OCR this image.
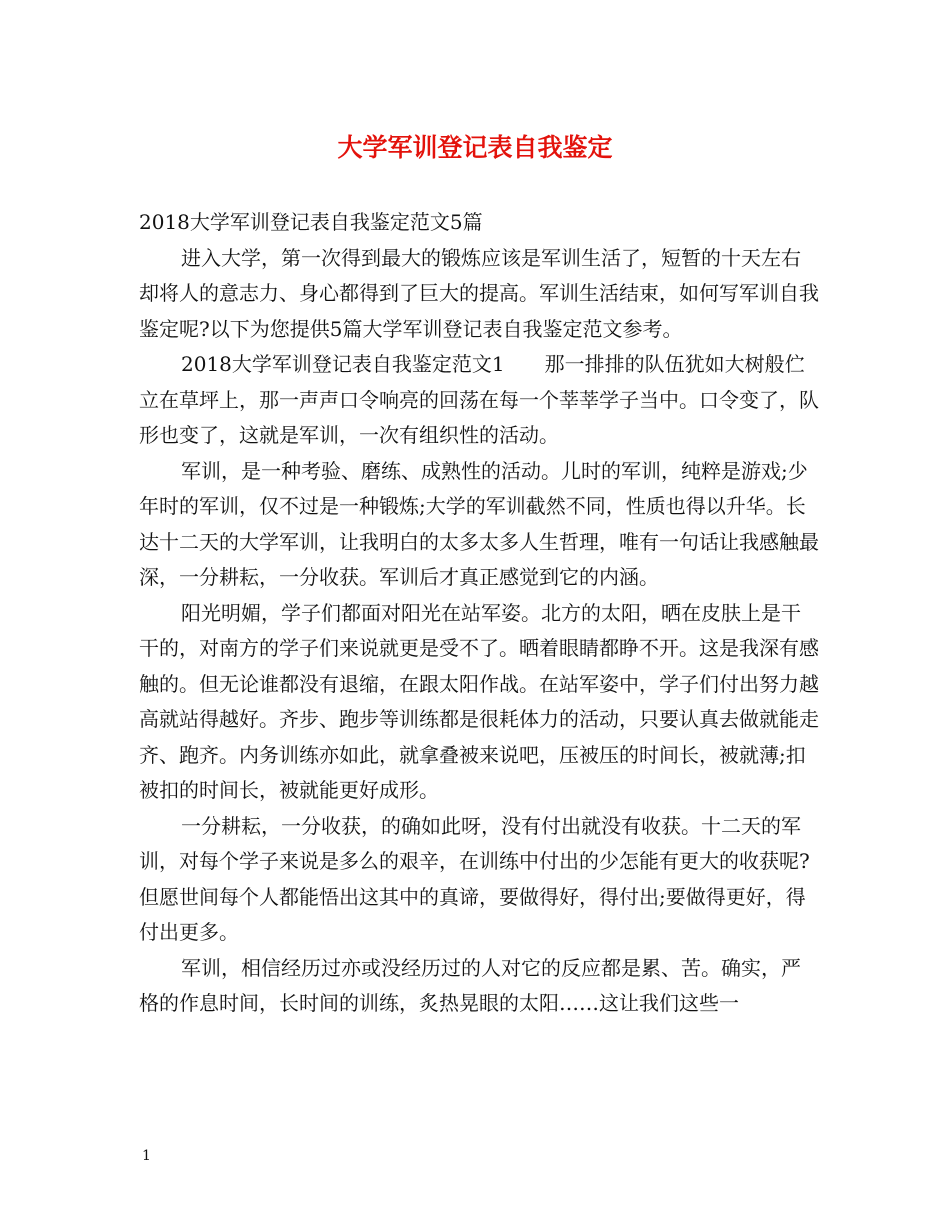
大学军训登记表自我鉴定

2018大学军训登记表自我鉴定范文5篇

进入大学，第一次得到最大的锻炼应该是军训生活了，短暂的十天左右却将人的意志力、身心都得到了巨大的提高。军训生活结束，如何写军训自我鉴定呢?以下为您提供5篇大学军训登记表自我鉴定范文参考。

2018大学军训登记表自我鉴定范文1　　那一排排的队伍犹如大树般伫立在草坪上，那一声声口令响亮的回荡在每一个莘莘学子当中。口令变了，队形也变了，这就是军训，一次有组织性的活动。

军训，是一种考验、磨练、成熟性的活动。儿时的军训，纯粹是游戏;少年时的军训，仅不过是一种锻炼;大学的军训截然不同，性质也得以升华。长达十二天的大学军训，让我明白的太多太多人生哲理，唯有一句话让我感触最深，一分耕耘，一分收获。军训后才真正感觉到它的内涵。

阳光明媚，学子们都面对阳光在站军姿。北方的太阳，晒在皮肤上是干干的，对南方的学子们来说就更是受不了。晒着眼睛都睁不开。这是我深有感触的。但无论谁都没有退缩，在跟太阳作战。在站军姿中，学子们付出努力越高就站得越好。齐步、跑步等训练都是很耗体力的活动，只要认真去做就能走齐、跑齐。内务训练亦如此，就拿叠被来说吧，压被压的时间长，被就薄;扣被扣的时间长，被就能更好成形。

一分耕耘，一分收获，的确如此呀，没有付出就没有收获。十二天的军训，对每个学子来说是多么的艰辛，在训练中付出的少怎能有更大的收获呢?但愿世间每个人都能悟出这其中的真谛，要做得好，得付出;要做得更好，得付出更多。

军训，相信经历过亦或没经历过的人对它的反应都是累、苦。确实，严格的作息时间，长时间的训练，炙热晃眼的太阳……这让我们这些一

1
